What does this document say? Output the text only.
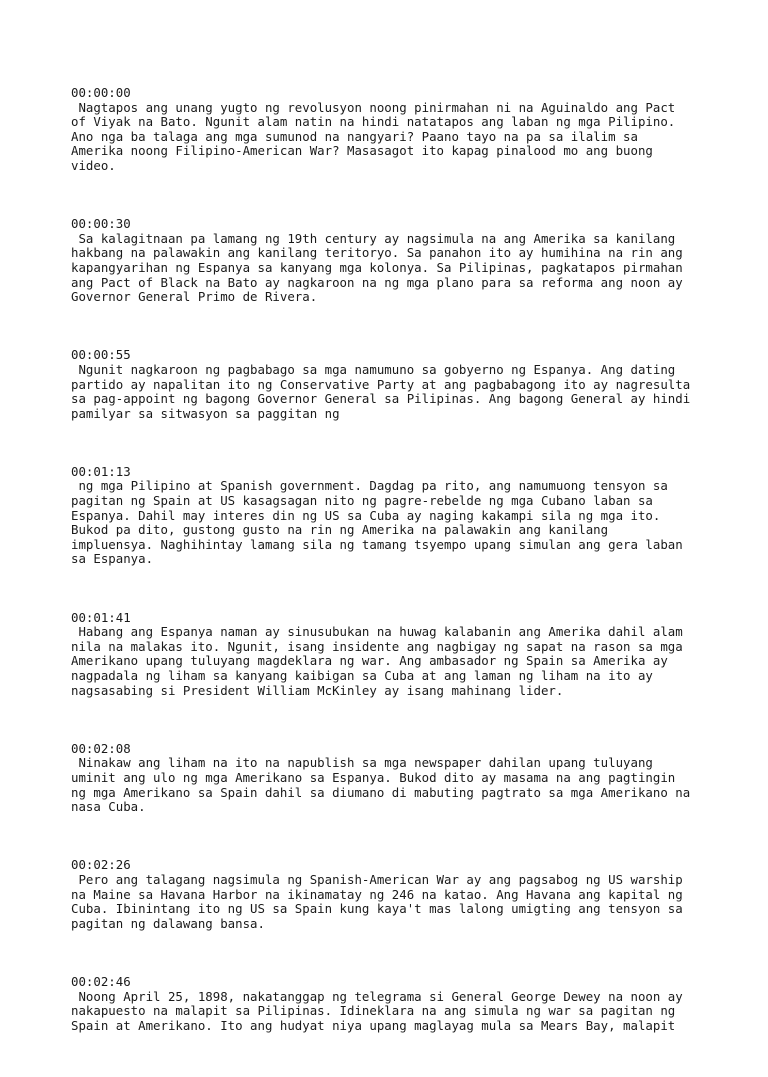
00:00:00
Nagtapos ang unang yugto ng revolusyon noong pinirmahan ni na Aguinaldo ang Pact
of Viyak na Bato. Ngunit alam natin na hindi natatapos ang laban ng mga Pilipino.
Ano nga ba talaga ang mga sumunod na nangyari? Paano tayo na pa sa ilalim sa
Amerika noong Filipino-American War? Masasagot ito kapag pinalood mo ang buong
video.
00:00:30
Sa kalagitnaan pa lamang ng 19th century ay nagsimula na ang Amerika sa kanilang
hakbang na palawakin ang kanilang teritoryo. Sa panahon ito ay humihina na rin ang
kapangyarihan ng Espanya sa kanyang mga kolonya. Sa Pilipinas, pagkatapos pirmahan
ang Pact of Black na Bato ay nagkaroon na ng mga plano para sa reforma ang noon ay
Governor General Primo de Rivera.
00:00:55
Ngunit nagkaroon ng pagbabago sa mga namumuno sa gobyerno ng Espanya. Ang dating
partido ay napalitan ito ng Conservative Party at ang pagbabagong ito ay nagresulta
sa pag-appoint ng bagong Governor General sa Pilipinas. Ang bagong General ay hindi
pamilyar sa sitwasyon sa paggitan ng
00:01:13
ng mga Pilipino at Spanish government. Dagdag pa rito, ang namumuong tensyon sa
pagitan ng Spain at US kasagsagan nito ng pagre-rebelde ng mga Cubano laban sa
Espanya. Dahil may interes din ng US sa Cuba ay naging kakampi sila ng mga ito.
Bukod pa dito, gustong gusto na rin ng Amerika na palawakin ang kanilang
impluensya. Naghihintay lamang sila ng tamang tsyempo upang simulan ang gera laban
sa Espanya.
00:01:41
Habang ang Espanya naman ay sinusubukan na huwag kalabanin ang Amerika dahil alam
nila na malakas ito. Ngunit, isang insidente ang nagbigay ng sapat na rason sa mga
Amerikano upang tuluyang magdeklara ng war. Ang ambasador ng Spain sa Amerika ay
nagpadala ng liham sa kanyang kaibigan sa Cuba at ang laman ng liham na ito ay
nagsasabing si President William McKinley ay isang mahinang lider.
00:02:08
Ninakaw ang liham na ito na napublish sa mga newspaper dahilan upang tuluyang
uminit ang ulo ng mga Amerikano sa Espanya. Bukod dito ay masama na ang pagtingin
ng mga Amerikano sa Spain dahil sa diumano di mabuting pagtrato sa mga Amerikano na
nasa Cuba.
00:02:26
Pero ang talagang nagsimula ng Spanish-American War ay ang pagsabog ng US warship
na Maine sa Havana Harbor na ikinamatay ng 246 na katao. Ang Havana ang kapital ng
Cuba. Ibinintang ito ng US sa Spain kung kaya't mas lalong umigting ang tensyon sa
pagitan ng dalawang bansa.
00:02:46
Noong April 25, 1898, nakatanggap ng telegrama si General George Dewey na noon ay
nakapuesto na malapit sa Pilipinas. Idineklara na ang simula ng war sa pagitan ng
Spain at Amerikano. Ito ang hudyat niya upang maglayag mula sa Mears Bay, malapit
